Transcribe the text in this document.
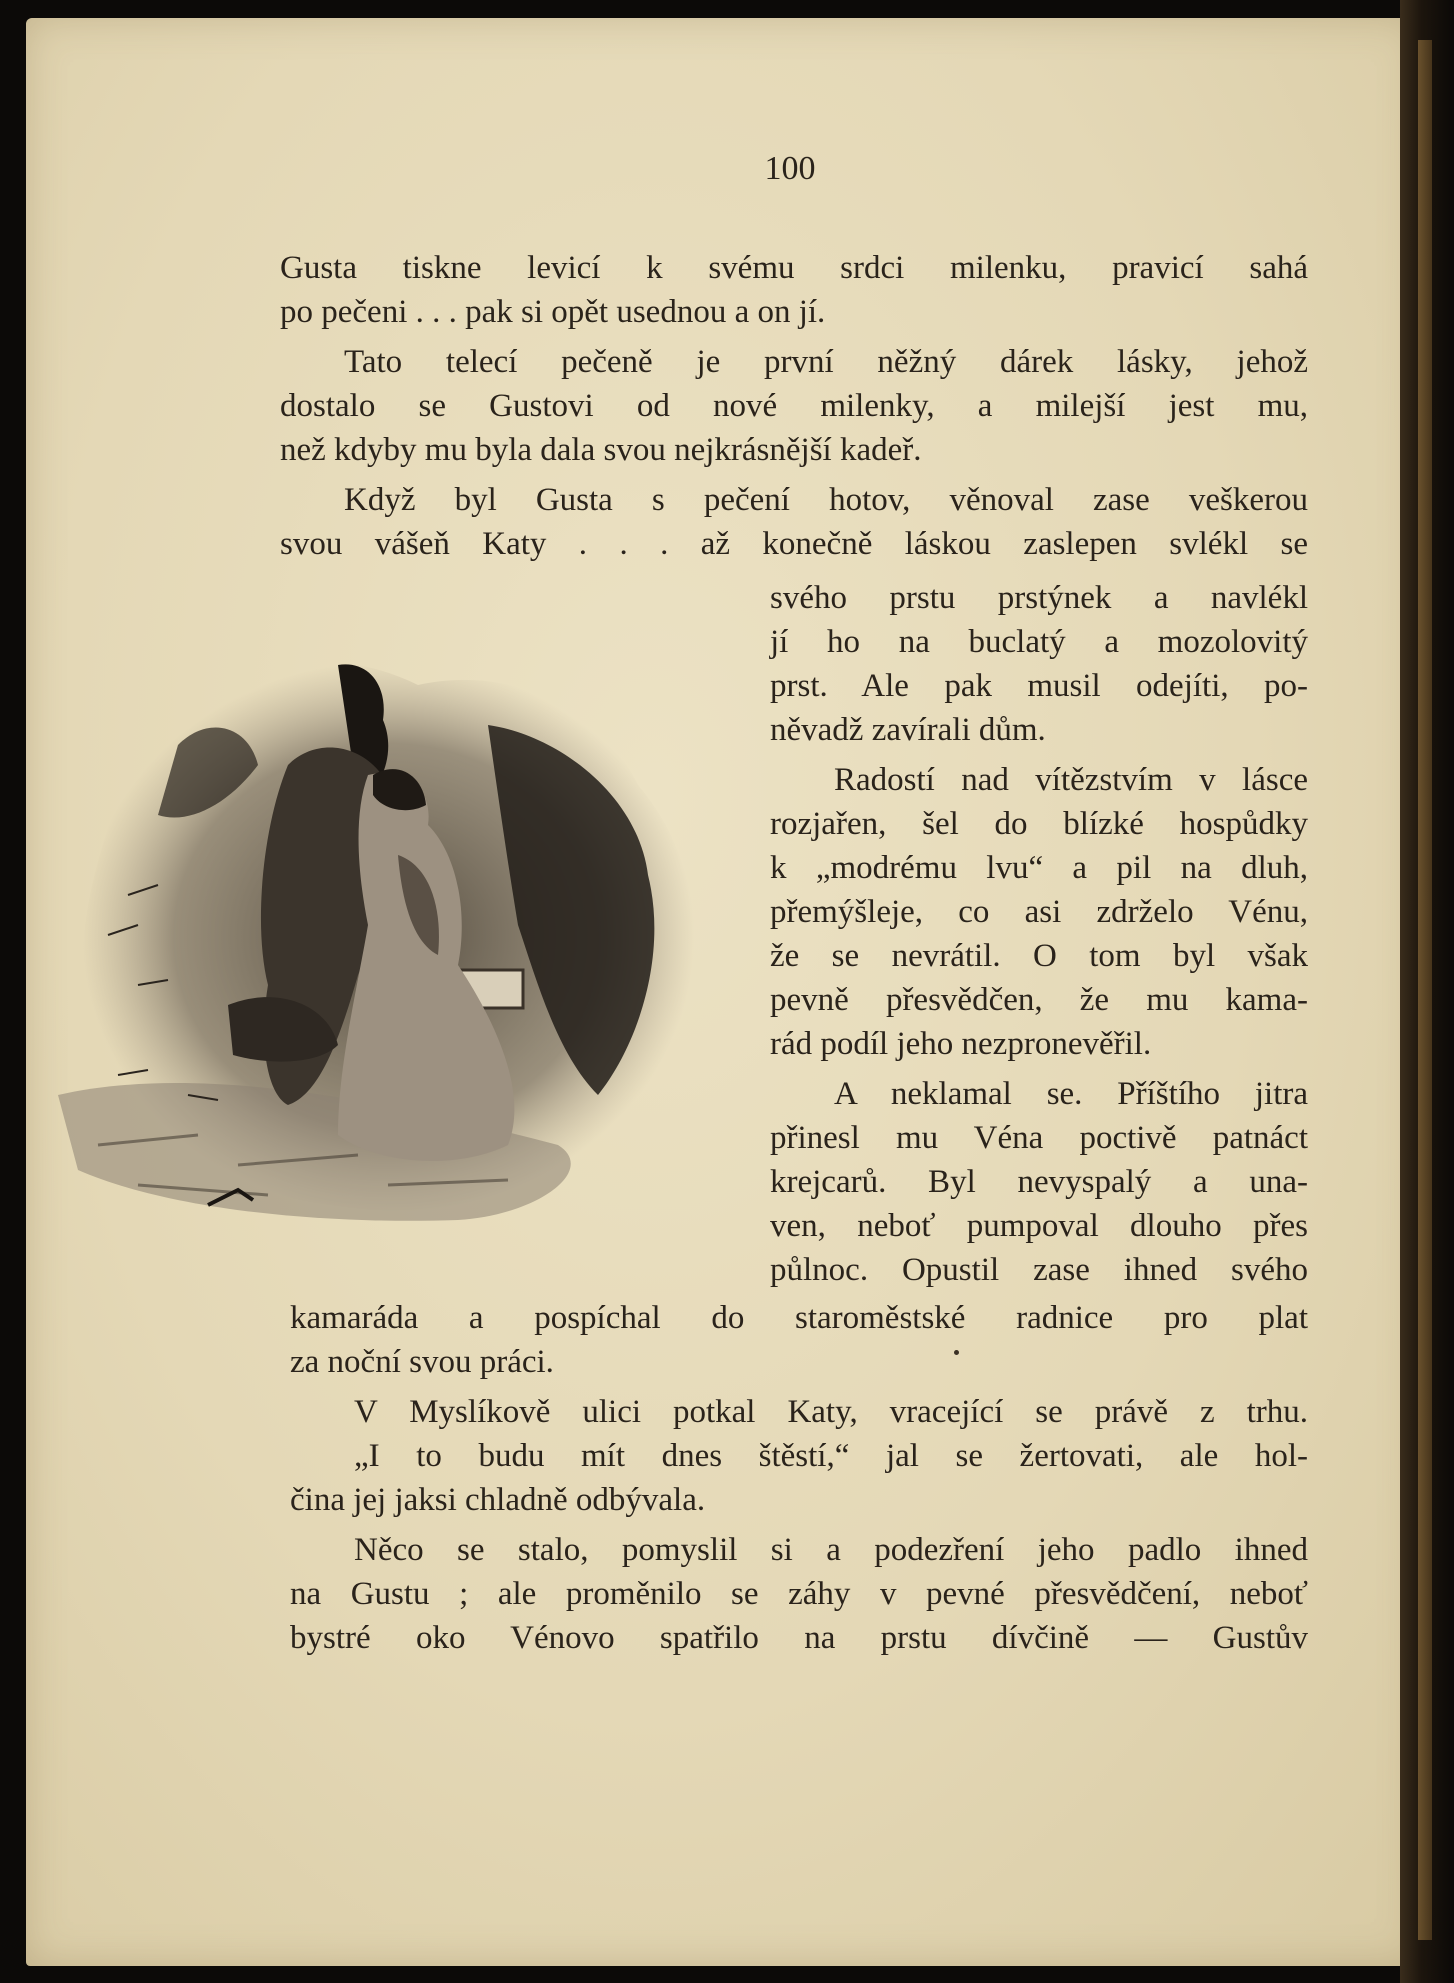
100
Gusta tiskne levicí k svému srdci milenku, pravicí sahá
po pečeni . . . pak si opět usednou a on jí.
Tato telecí pečeně je první něžný dárek lásky, jehož
dostalo se Gustovi od nové milenky, a milejší jest mu,
než kdyby mu byla dala svou nejkrásnější kadeř.
Když byl Gusta s pečení hotov, věnoval zase veškerou
svou vášeň Katy . . . až konečně láskou zaslepen svlékl se
svého prstu prstýnek a navlékl
jí ho na buclatý a mozolovitý
prst. Ale pak musil odejíti, po-
něvadž zavírali dům.
Radostí nad vítězstvím v lásce
rozjařen, šel do blízké hospůdky
k „modrému lvu“ a pil na dluh,
přemýšleje, co asi zdrželo Vénu,
že se nevrátil. O tom byl však
pevně přesvědčen, že mu kama-
rád podíl jeho nezpronevěřil.
A neklamal se. Příštího jitra
přinesl mu Véna poctivě patnáct
krejcarů. Byl nevyspalý a una-
ven, neboť pumpoval dlouho přes
půlnoc. Opustil zase ihned svého
kamaráda a pospíchal do staroměstské radnice pro plat
za noční svou práci.
V Myslíkově ulici potkal Katy, vracející se právě z trhu.
„I to budu mít dnes štěstí,“ jal se žertovati, ale hol-
čina jej jaksi chladně odbývala.
Něco se stalo, pomyslil si a podezření jeho padlo ihned
na Gustu ; ale proměnilo se záhy v pevné přesvědčení, neboť
bystré oko Vénovo spatřilo na prstu dívčině — Gustův
